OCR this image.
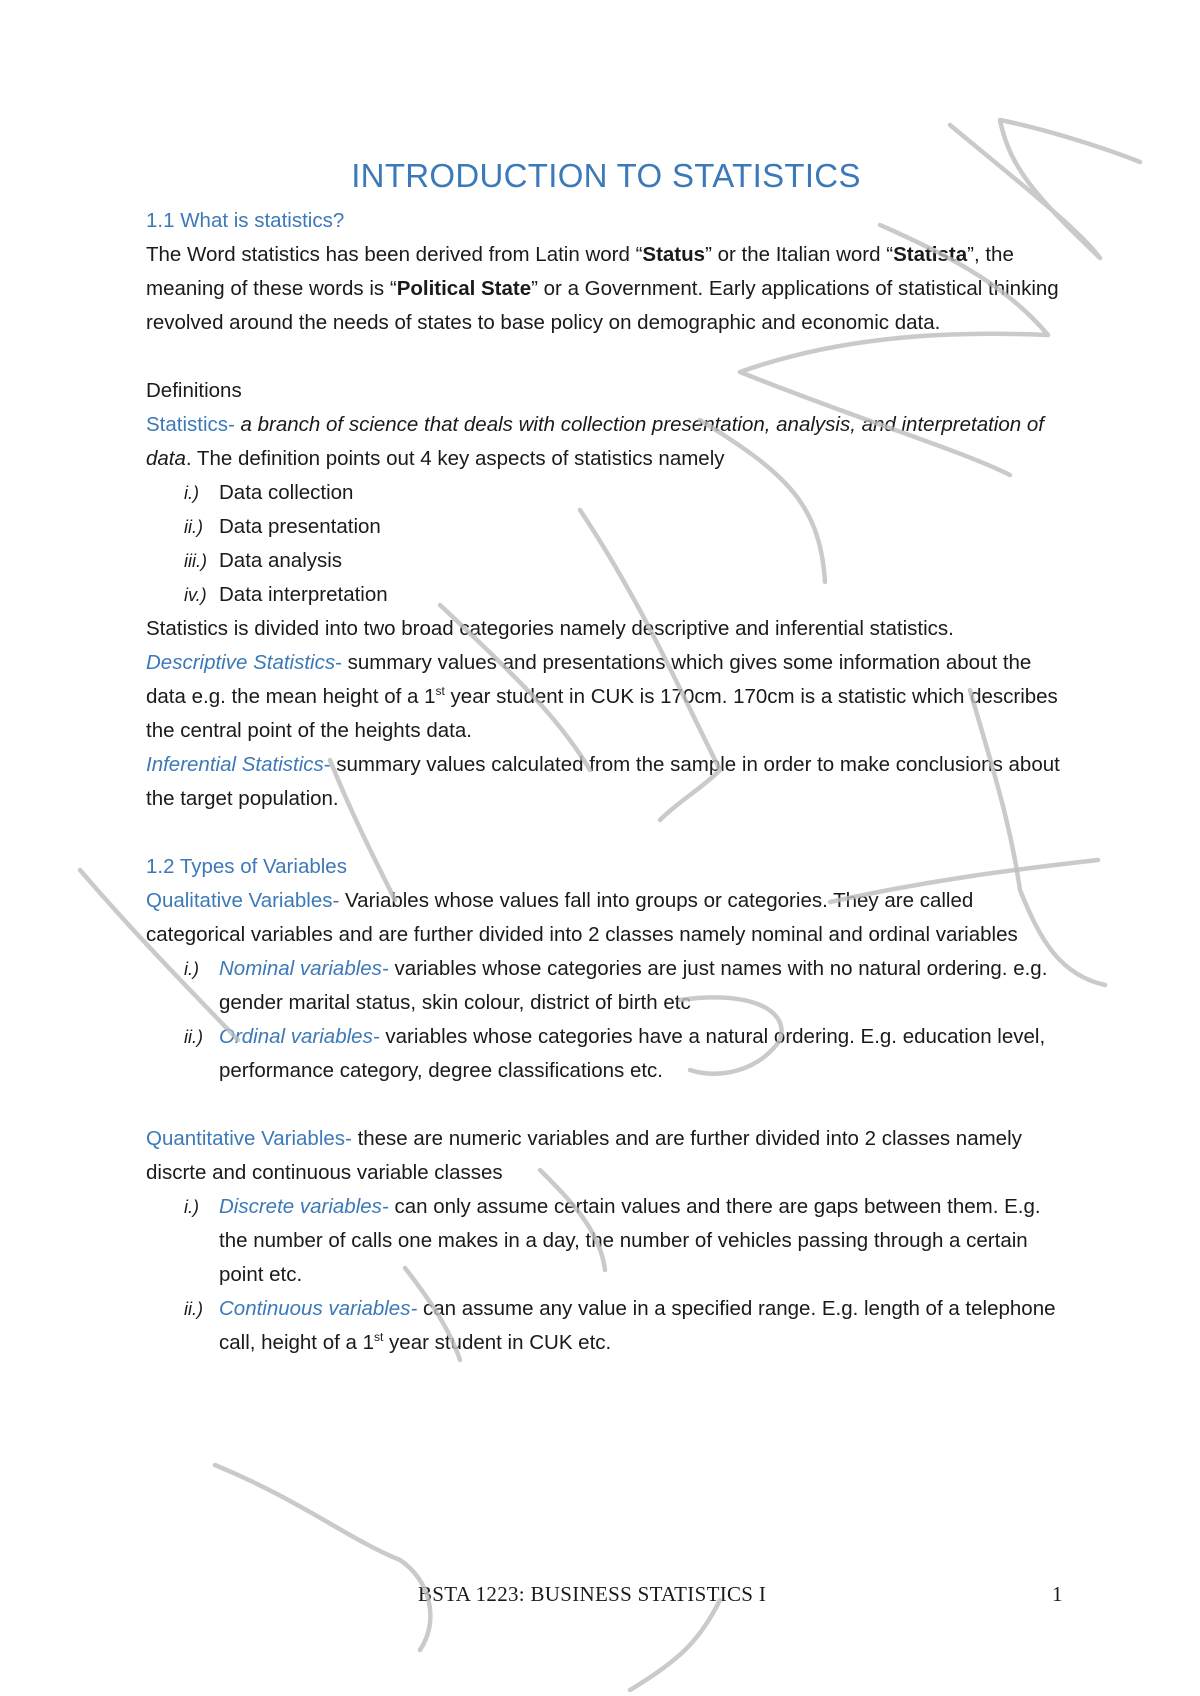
INTRODUCTION TO STATISTICS

1.1 What is statistics?

The Word statistics has been derived from Latin word “Status” or the Italian word “Statista”, the meaning of these words is “Political State” or a Government. Early applications of statistical thinking revolved around the needs of states to base policy on demographic and economic data.

Definitions

Statistics- a branch of science that deals with collection presentation, analysis, and interpretation of data. The definition points out 4 key aspects of statistics namely

i.) Data collection
ii.) Data presentation
iii.) Data analysis
iv.) Data interpretation

Statistics is divided into two broad categories namely descriptive and inferential statistics.

Descriptive Statistics- summary values and presentations which gives some information about the data e.g. the mean height of a 1st year student in CUK is 170cm. 170cm is a statistic which describes the central point of the heights data.

Inferential Statistics- summary values calculated from the sample in order to make conclusions about the target population.

1.2 Types of Variables

Qualitative Variables- Variables whose values fall into groups or categories. They are called categorical variables and are further divided into 2 classes namely nominal and ordinal variables

i.) Nominal variables- variables whose categories are just names with no natural ordering. e.g. gender marital status, skin colour, district of birth etc
ii.) Ordinal variables- variables whose categories have a natural ordering. E.g. education level, performance category, degree classifications etc.

Quantitative Variables- these are numeric variables and are further divided into 2 classes namely discrte and continuous variable classes

i.) Discrete variables- can only assume certain values and there are gaps between them. E.g. the number of calls one makes in a day, the number of vehicles passing through a certain point etc.
ii.) Continuous variables- can assume any value in a specified range. E.g. length of a telephone call, height of a 1st year student in CUK etc.
BSTA 1223: BUSINESS STATISTICS I	1
